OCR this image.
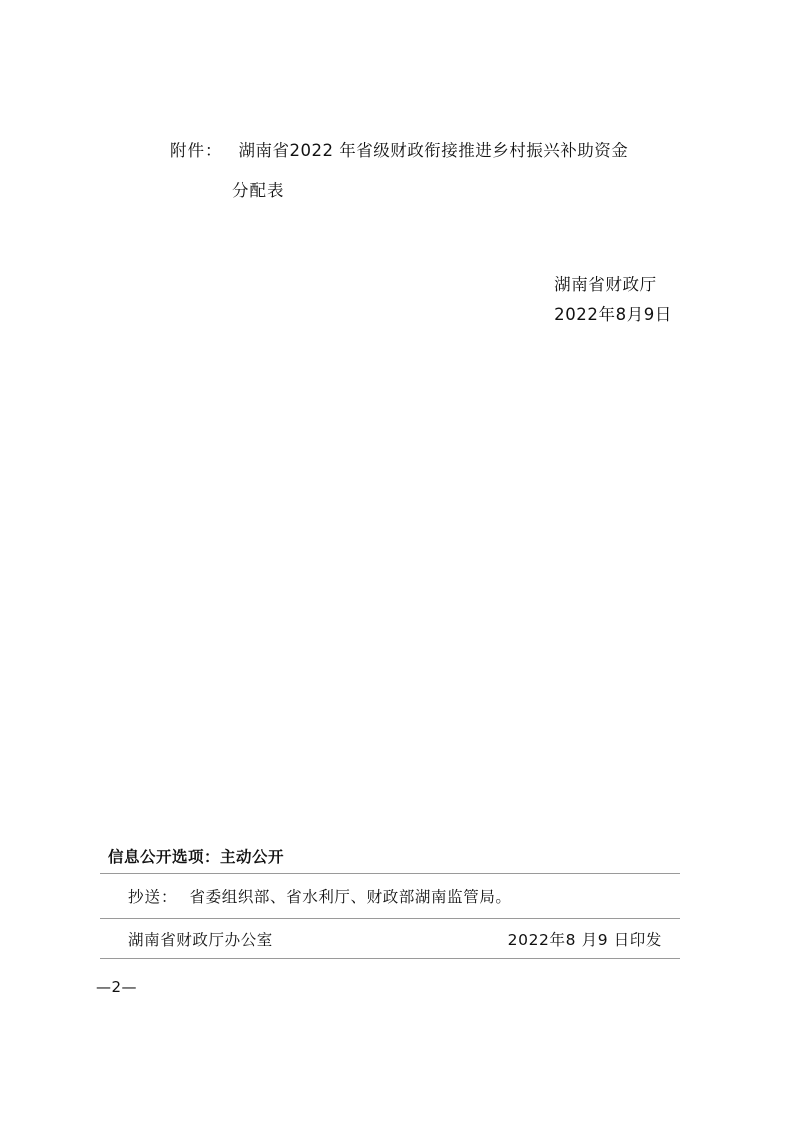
附件： 湖南省2022 年省级财政衔接推进乡村振兴补助资金
分配表
湖南省财政厅
2022年8月9日
信息公开选项：主动公开
抄送： 省委组织部、省水利厅、财政部湖南监管局。
湖南省财政厅办公室	2022年8 月9 日印发
—2—
